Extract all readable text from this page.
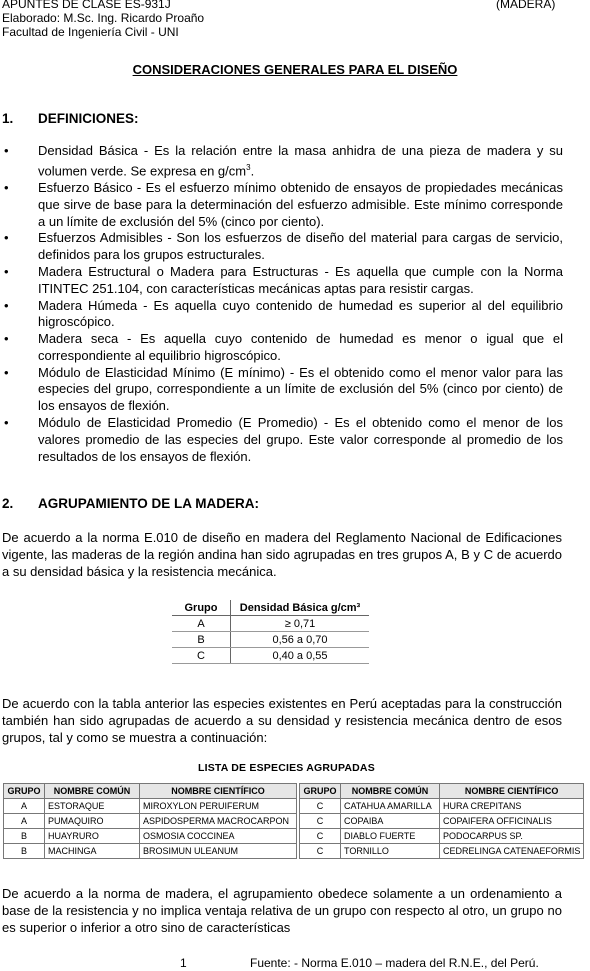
APUNTES DE CLASE ES-931J	(MADERA)
Elaborado: M.Sc. Ing. Ricardo Proaño
Facultad de Ingeniería Civil - UNI
CONSIDERACIONES GENERALES PARA EL DISEÑO
1. DEFINICIONES:
• Densidad Básica - Es la relación entre la masa anhidra de una pieza de madera y su volumen verde. Se expresa en $g/cm^3$.
• Esfuerzo Básico - Es el esfuerzo mínimo obtenido de ensayos de propiedades mecánicas que sirve de base para la determinación del esfuerzo admisible. Este mínimo corresponde a un límite de exclusión del 5% (cinco por ciento).
• Esfuerzos Admisibles - Son los esfuerzos de diseño del material para cargas de servicio, definidos para los grupos estructurales.
• Madera Estructural o Madera para Estructuras - Es aquella que cumple con la Norma ITINTEC 251.104, con características mecánicas aptas para resistir cargas.
• Madera Húmeda - Es aquella cuyo contenido de humedad es superior al del equilibrio higroscópico.
• Madera seca - Es aquella cuyo contenido de humedad es menor o igual que el correspondiente al equilibrio higroscópico.
• Módulo de Elasticidad Mínimo (E mínimo) - Es el obtenido como el menor valor para las especies del grupo, correspondiente a un límite de exclusión del 5% (cinco por ciento) de los ensayos de flexión.
• Módulo de Elasticidad Promedio (E Promedio) - Es el obtenido como el menor de los valores promedio de las especies del grupo. Este valor corresponde al promedio de los resultados de los ensayos de flexión.
2. AGRUPAMIENTO DE LA MADERA:
De acuerdo a la norma E.010 de diseño en madera del Reglamento Nacional de Edificaciones vigente, las maderas de la región andina han sido agrupadas en tres grupos A, B y C de acuerdo a su densidad básica y la resistencia mecánica.
Grupo	Densidad Básica g/cm³
A	≥ 0,71
B	0,56 a 0,70
C	0,40 a 0,55
De acuerdo con la tabla anterior las especies existentes en Perú aceptadas para la construcción también han sido agrupadas de acuerdo a su densidad y resistencia mecánica dentro de esos grupos, tal y como se muestra a continuación:
LISTA DE ESPECIES AGRUPADAS
GRUPO	NOMBRE COMÚN	NOMBRE CIENTÍFICO
A	ESTORAQUE	MIROXYLON PERUIFERUM
A	PUMAQUIRO	ASPIDOSPERMA MACROCARPON
B	HUAYRURO	OSMOSIA COCCINEA
B	MACHINGA	BROSIMUN ULEANUM
GRUPO	NOMBRE COMÚN	NOMBRE CIENTÍFICO
C	CATAHUA AMARILLA	HURA CREPITANS
C	COPAIBA	COPAIFERA OFFICINALIS
C	DIABLO FUERTE	PODOCARPUS SP.
C	TORNILLO	CEDRELINGA CATENAEFORMIS
De acuerdo a la norma de madera, el agrupamiento obedece solamente a un ordenamiento a base de la resistencia y no implica ventaja relativa de un grupo con respecto al otro, un grupo no es superior o inferior a otro sino de características
1	Fuente: - Norma E.010 – madera del R.N.E., del Perú.
